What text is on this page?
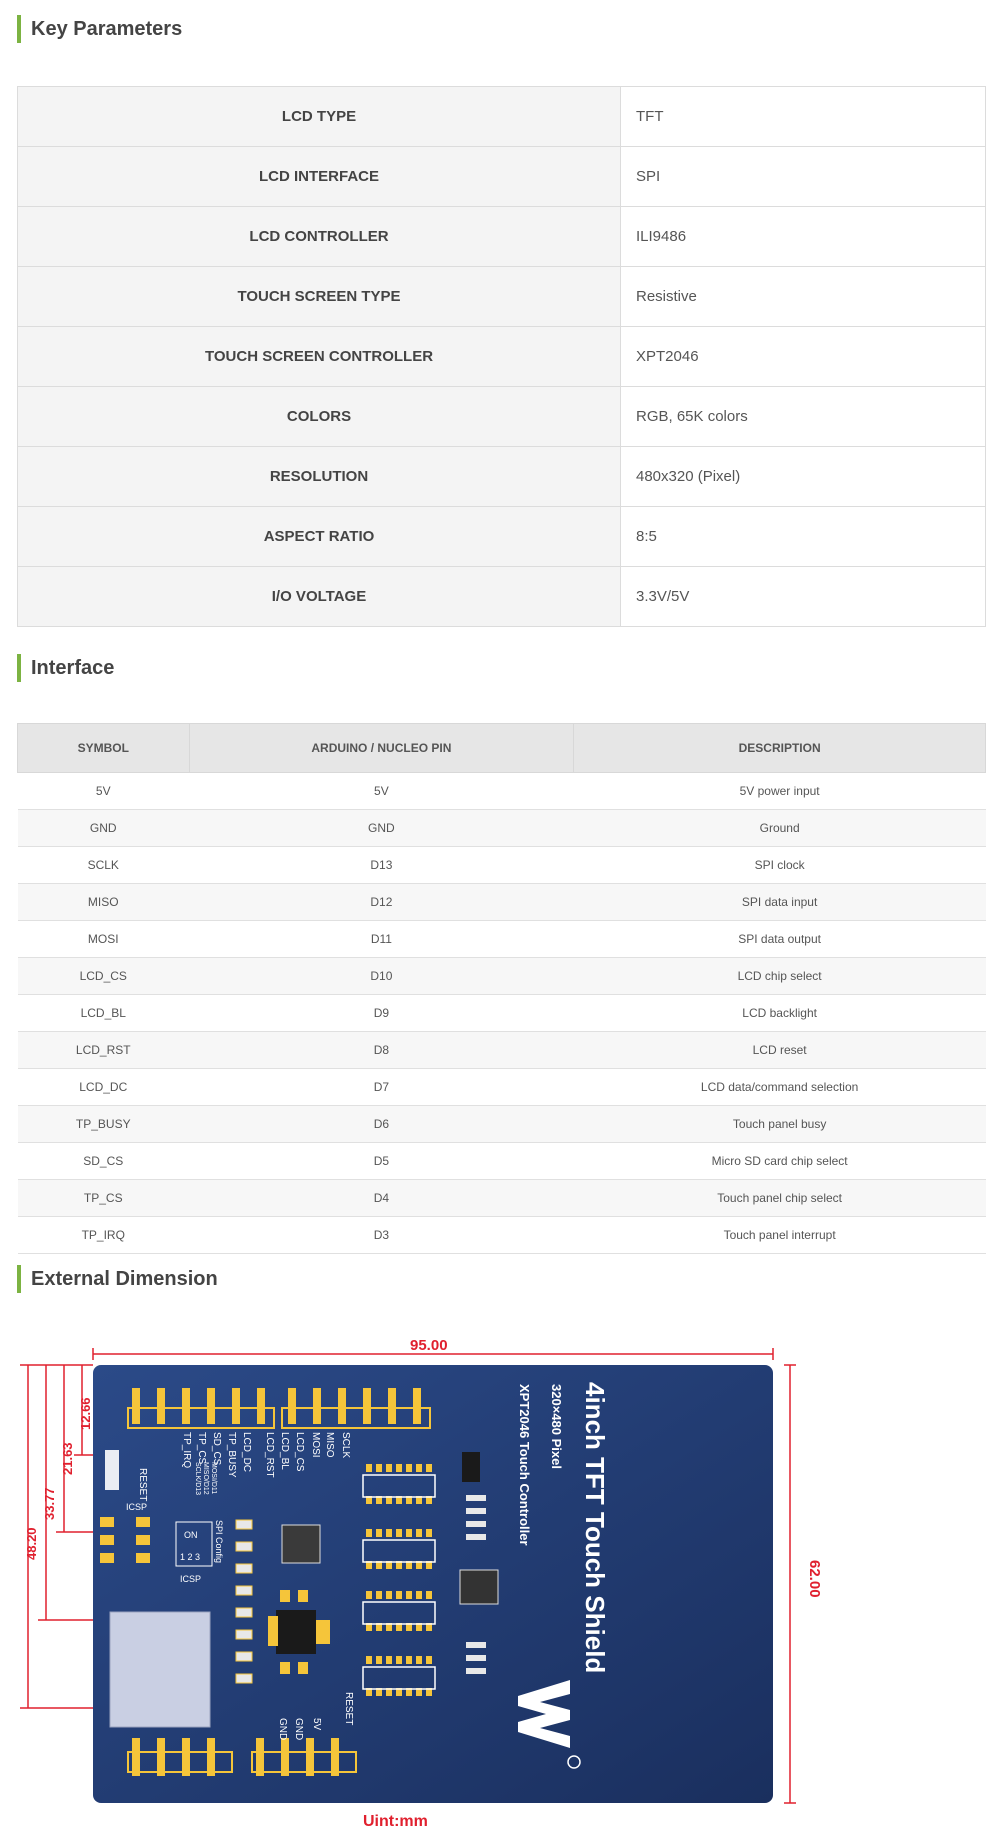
Key Parameters
LCD TYPE	TFT
LCD INTERFACE	SPI
LCD CONTROLLER	ILI9486
TOUCH SCREEN TYPE	Resistive
TOUCH SCREEN CONTROLLER	XPT2046
COLORS	RGB, 65K colors
RESOLUTION	480x320 (Pixel)
ASPECT RATIO	8:5
I/O VOLTAGE	3.3V/5V
Interface
SYMBOL	ARDUINO / NUCLEO PIN	DESCRIPTION
5V	5V	5V power input
GND	GND	Ground
SCLK	D13	SPI clock
MISO	D12	SPI data input
MOSI	D11	SPI data output
LCD_CS	D10	LCD chip select
LCD_BL	D9	LCD backlight
LCD_RST	D8	LCD reset
LCD_DC	D7	LCD data/command selection
TP_BUSY	D6	Touch panel busy
SD_CS	D5	Micro SD card chip select
TP_CS	D4	Touch panel chip select
TP_IRQ	D3	Touch panel interrupt
External Dimension
TP_IRQ TP_CS SD_CS TP_BUSY LCD_DC LCD_RST LCD_BL LCD_CS MOSI MISO SCLK
RESET
ICSP
ON
1 2 3
ICSP
SPI Config
SCLK/D13 MISO/D12 MOSI/D11	4inch TFT Touch Shield
320×480 Pixel
XPT2046 Touch Controller
GND GND 5V RESET
95.00
62.00
48.20
33.77
21.63
12.66
Uint:mm
